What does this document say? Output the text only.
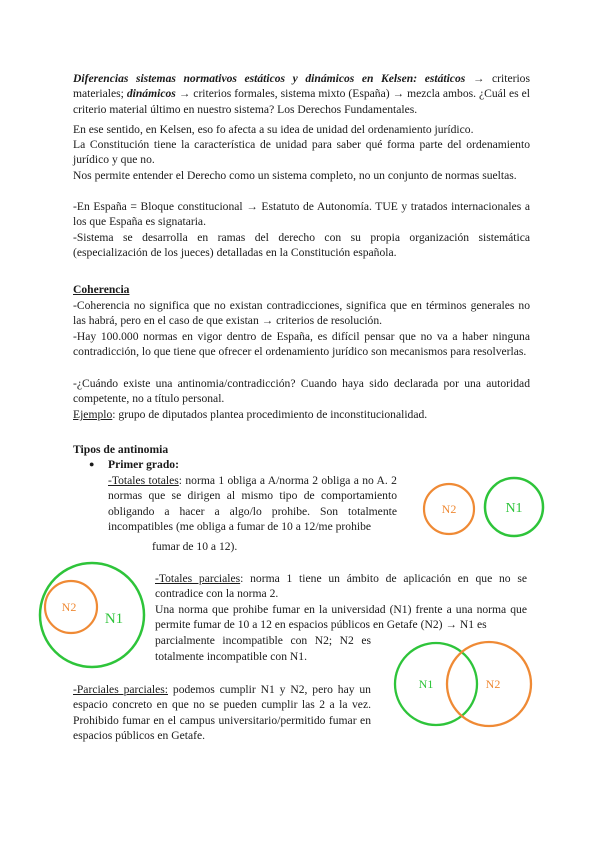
Diferencias sistemas normativos estáticos y dinámicos en Kelsen: estáticos → criterios materiales; dinámicos → criterios formales, sistema mixto (España) → mezcla ambos. ¿Cuál es el criterio material último en nuestro sistema? Los Derechos Fundamentales.

En ese sentido, en Kelsen, eso fo afecta a su idea de unidad del ordenamiento jurídico.

La Constitución tiene la característica de unidad para saber qué forma parte del ordenamiento jurídico y que no.

Nos permite entender el Derecho como un sistema completo, no un conjunto de normas sueltas.

-En España = Bloque constitucional → Estatuto de Autonomía. TUE y tratados internacionales a los que España es signataria.

-Sistema se desarrolla en ramas del derecho con su propia organización sistemática (especialización de los jueces) detalladas en la Constitución española.

Coherencia

-Coherencia no significa que no existan contradicciones, significa que en términos generales no las habrá, pero en el caso de que existan → criterios de resolución.

-Hay 100.000 normas en vigor dentro de España, es difícil pensar que no va a haber ninguna contradicción, lo que tiene que ofrecer el ordenamiento jurídico son mecanismos para resolverlas.

-¿Cuándo existe una antinomia/contradicción? Cuando haya sido declarada por una autoridad competente, no a título personal.

Ejemplo: grupo de diputados plantea procedimiento de inconstitucionalidad.

Tipos de antinomia

● Primer grado:

-Totales totales: norma 1 obliga a A/norma 2 obliga a no A. 2 normas que se dirigen al mismo tipo de comportamiento obligando a hacer a algo/lo prohibe. Son totalmente incompatibles (me obliga a fumar de 10 a 12/me prohibe

fumar de 10 a 12).

-Totales parciales: norma 1 tiene un ámbito de aplicación en que no se contradice con la norma 2.

Una norma que prohibe fumar en la universidad (N1) frente a una norma que permite fumar de 10 a 12 en espacios públicos en Getafe (N2) → N1 es

parcialmente incompatible con N2; N2 es

totalmente incompatible con N1.

-Parciales parciales: podemos cumplir N1 y N2, pero hay un espacio concreto en que no se pueden cumplir las 2 a la vez. Prohibido fumar en el campus universitario/permitido fumar en espacios públicos en Getafe.

N2	N1
N2
N1
N1	N2
